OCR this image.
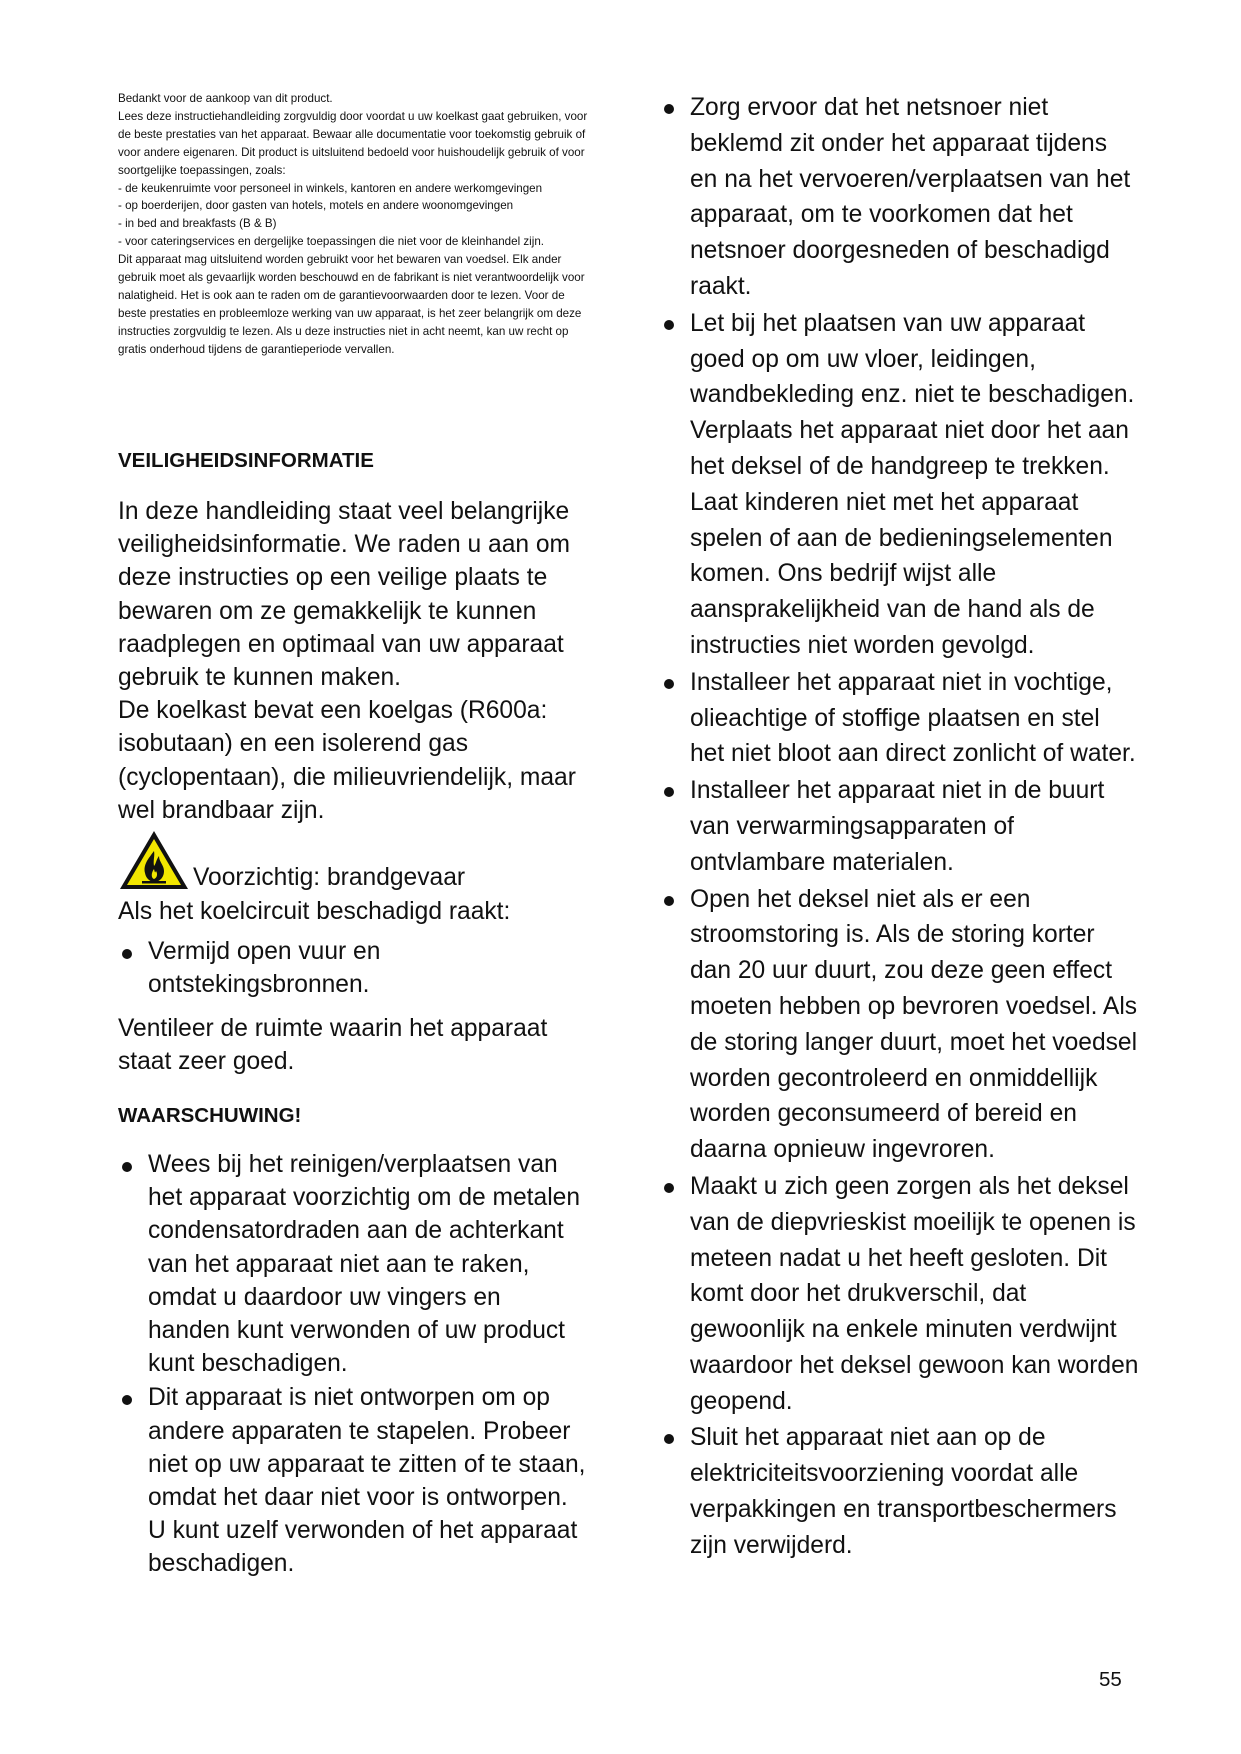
Bedankt voor de aankoop van dit product.

Lees deze instructiehandleiding zorgvuldig door voordat u uw koelkast gaat gebruiken, voor de beste prestaties van het apparaat. Bewaar alle documentatie voor toekomstig gebruik of voor andere eigenaren. Dit product is uitsluitend bedoeld voor huishoudelijk gebruik of voor soortgelijke toepassingen, zoals:

- de keukenruimte voor personeel in winkels, kantoren en andere werkomgevingen

- op boerderijen, door gasten van hotels, motels en andere woonomgevingen

- in bed and breakfasts (B & B)

- voor cateringservices en dergelijke toepassingen die niet voor de kleinhandel zijn.

Dit apparaat mag uitsluitend worden gebruikt voor het bewaren van voedsel. Elk ander gebruik moet als gevaarlijk worden beschouwd en de fabrikant is niet verantwoordelijk voor nalatigheid. Het is ook aan te raden om de garantievoorwaarden door te lezen. Voor de beste prestaties en probleemloze werking van uw apparaat, is het zeer belangrijk om deze instructies zorgvuldig te lezen. Als u deze instructies niet in acht neemt, kan uw recht op gratis onderhoud tijdens de garantieperiode vervallen.

VEILIGHEIDSINFORMATIE

In deze handleiding staat veel belangrijke veiligheidsinformatie. We raden u aan om deze instructies op een veilige plaats te bewaren om ze gemakkelijk te kunnen raadplegen en optimaal van uw apparaat gebruik te kunnen maken.

De koelkast bevat een koelgas (R600a: isobutaan) en een isolerend gas (cyclopentaan), die milieuvriendelijk, maar wel brandbaar zijn.

Voorzichtig: brandgevaar

Als het koelcircuit beschadigd raakt:

Vermijd open vuur en ontstekingsbronnen.

Ventileer de ruimte waarin het apparaat staat zeer goed.

WAARSCHUWING!
Wees bij het reinigen/verplaatsen van het apparaat voorzichtig om de metalen condensatordraden aan de achterkant van het apparaat niet aan te raken, omdat u daardoor uw vingers en handen kunt verwonden of uw product kunt beschadigen.
Dit apparaat is niet ontworpen om op andere apparaten te stapelen. Probeer niet op uw apparaat te zitten of te staan, omdat het daar niet voor is ontworpen. U kunt uzelf verwonden of het apparaat beschadigen.
Zorg ervoor dat het netsnoer niet beklemd zit onder het apparaat tijdens en na het vervoeren/verplaatsen van het apparaat, om te voorkomen dat het netsnoer doorgesneden of beschadigd raakt.
Let bij het plaatsen van uw apparaat goed op om uw vloer, leidingen, wandbekleding enz. niet te beschadigen. Verplaats het apparaat niet door het aan het deksel of de handgreep te trekken. Laat kinderen niet met het apparaat spelen of aan de bedieningselementen komen. Ons bedrijf wijst alle aansprakelijkheid van de hand als de instructies niet worden gevolgd.
Installeer het apparaat niet in vochtige, olieachtige of stoffige plaatsen en stel het niet bloot aan direct zonlicht of water.
Installeer het apparaat niet in de buurt van verwarmingsapparaten of ontvlambare materialen.
Open het deksel niet als er een stroomstoring is. Als de storing korter dan 20 uur duurt, zou deze geen effect moeten hebben op bevroren voedsel. Als de storing langer duurt, moet het voedsel worden gecontroleerd en onmiddellijk worden geconsumeerd of bereid en daarna opnieuw ingevroren.
Maakt u zich geen zorgen als het deksel van de diepvrieskist moeilijk te openen is meteen nadat u het heeft gesloten. Dit komt door het drukverschil, dat gewoonlijk na enkele minuten verdwijnt waardoor het deksel gewoon kan worden geopend.
Sluit het apparaat niet aan op de elektriciteitsvoorziening voordat alle verpakkingen en transportbeschermers zijn verwijderd.
55
